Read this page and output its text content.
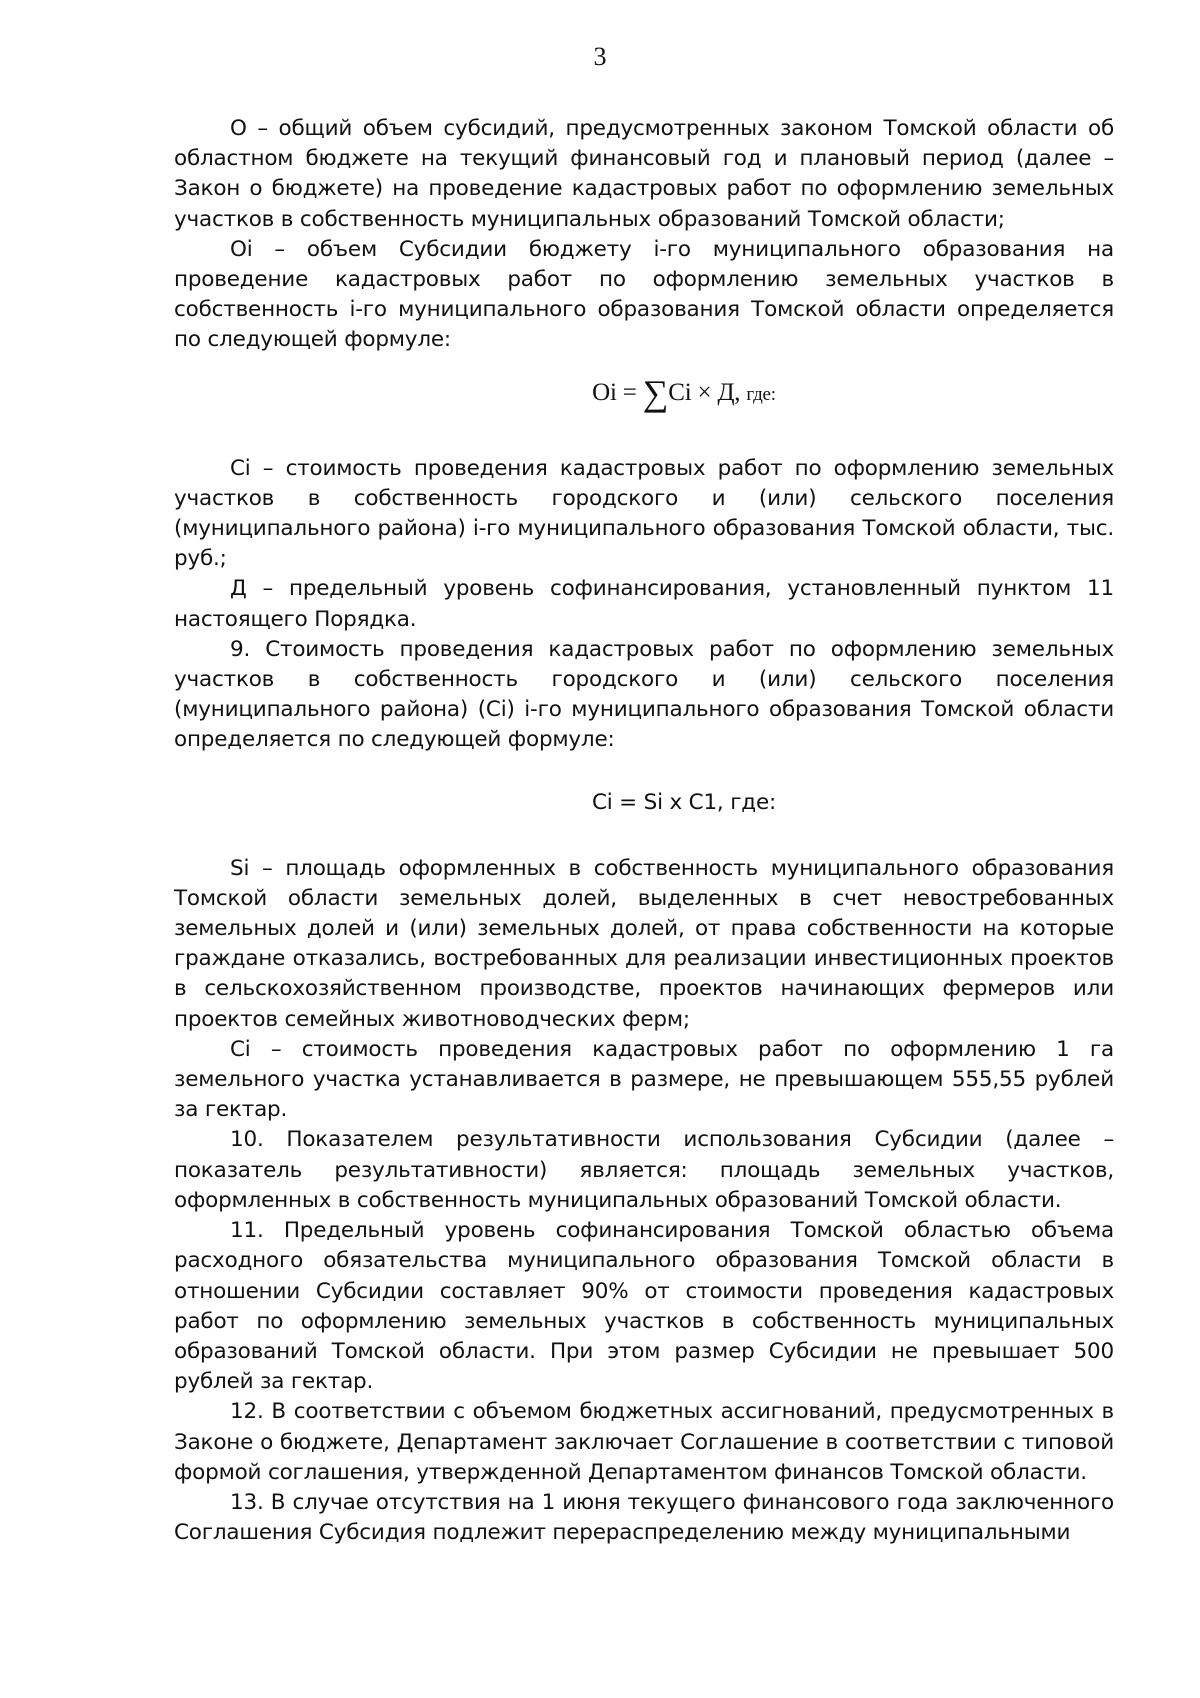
3

О – общий объем субсидий, предусмотренных законом Томской области об областном бюджете на текущий финансовый год и плановый период (далее – Закон о бюджете) на проведение кадастровых работ по оформлению земельных участков в собственность муниципальных образований Томской области;

Оi – объем Субсидии бюджету i-го муниципального образования на проведение кадастровых работ по оформлению земельных участков в собственность i-го муниципального образования Томской области определяется по следующей формуле:

Оi = ∑Сi × Д, где:

Сi – стоимость проведения кадастровых работ по оформлению земельных участков в собственность городского и (или) сельского поселения (муниципального района) i-го муниципального образования Томской области, тыс. руб.;

Д – предельный уровень софинансирования, установленный пунктом 11 настоящего Порядка.

9. Стоимость проведения кадастровых работ по оформлению земельных участков в собственность городского и (или) сельского поселения (муниципального района) (Сi) i-го муниципального образования Томской области определяется по следующей формуле:

Сi = Si x С1, где:

Si – площадь оформленных в собственность муниципального образования Томской области земельных долей, выделенных в счет невостребованных земельных долей и (или) земельных долей, от права собственности на которые граждане отказались, востребованных для реализации инвестиционных проектов в сельскохозяйственном производстве, проектов начинающих фермеров или проектов семейных животноводческих ферм;

Сi – стоимость проведения кадастровых работ по оформлению 1 га земельного участка устанавливается в размере, не превышающем 555,55 рублей за гектар.

10. Показателем результативности использования Субсидии (далее – показатель результативности) является: площадь земельных участков, оформленных в собственность муниципальных образований Томской области.

11. Предельный уровень софинансирования Томской областью объема расходного обязательства муниципального образования Томской области в отношении Субсидии составляет 90% от стоимости проведения кадастровых работ по оформлению земельных участков в собственность муниципальных образований Томской области. При этом размер Субсидии не превышает 500 рублей за гектар.

12. В соответствии с объемом бюджетных ассигнований, предусмотренных в Законе о бюджете, Департамент заключает Соглашение в соответствии с типовой формой соглашения, утвержденной Департаментом финансов Томской области.

13. В случае отсутствия на 1 июня текущего финансового года заключенного Соглашения Субсидия подлежит перераспределению между муниципальными
